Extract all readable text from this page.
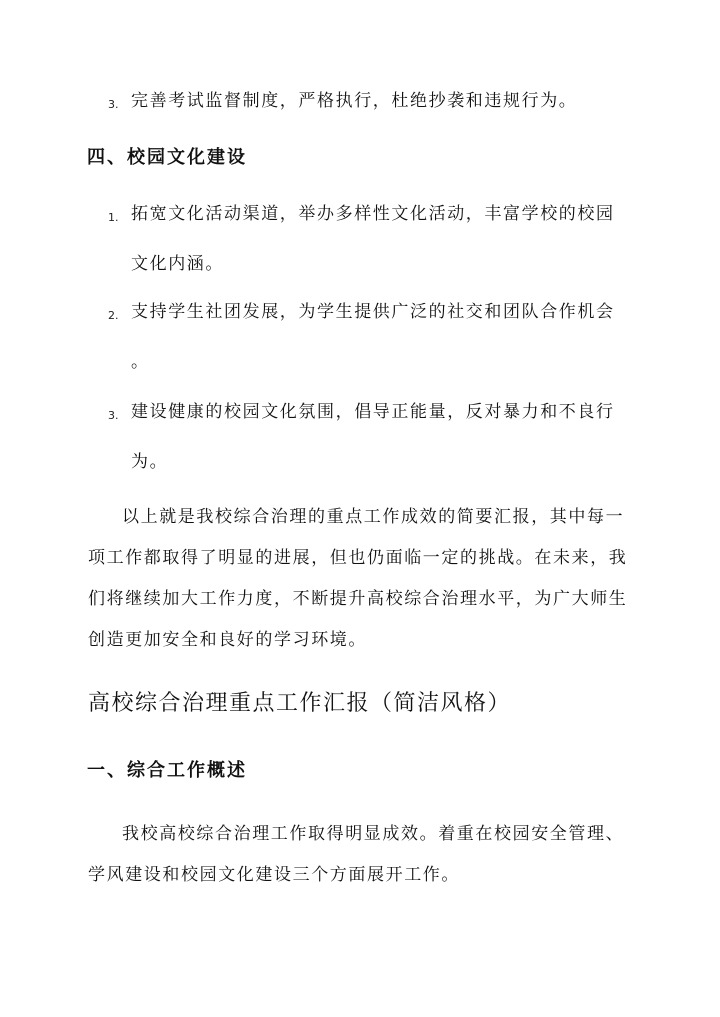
3. 完善考试监督制度，严格执行，杜绝抄袭和违规行为。
四、校园文化建设
1. 拓宽文化活动渠道，举办多样性文化活动，丰富学校的校园
文化内涵。
2. 支持学生社团发展，为学生提供广泛的社交和团队合作机会
。
3. 建设健康的校园文化氛围，倡导正能量，反对暴力和不良行
为。
以上就是我校综合治理的重点工作成效的简要汇报，其中每一
项工作都取得了明显的进展，但也仍面临一定的挑战。在未来，我
们将继续加大工作力度，不断提升高校综合治理水平，为广大师生
创造更加安全和良好的学习环境。
高校综合治理重点工作汇报（简洁风格）
一、综合工作概述
我校高校综合治理工作取得明显成效。着重在校园安全管理、
学风建设和校园文化建设三个方面展开工作。
